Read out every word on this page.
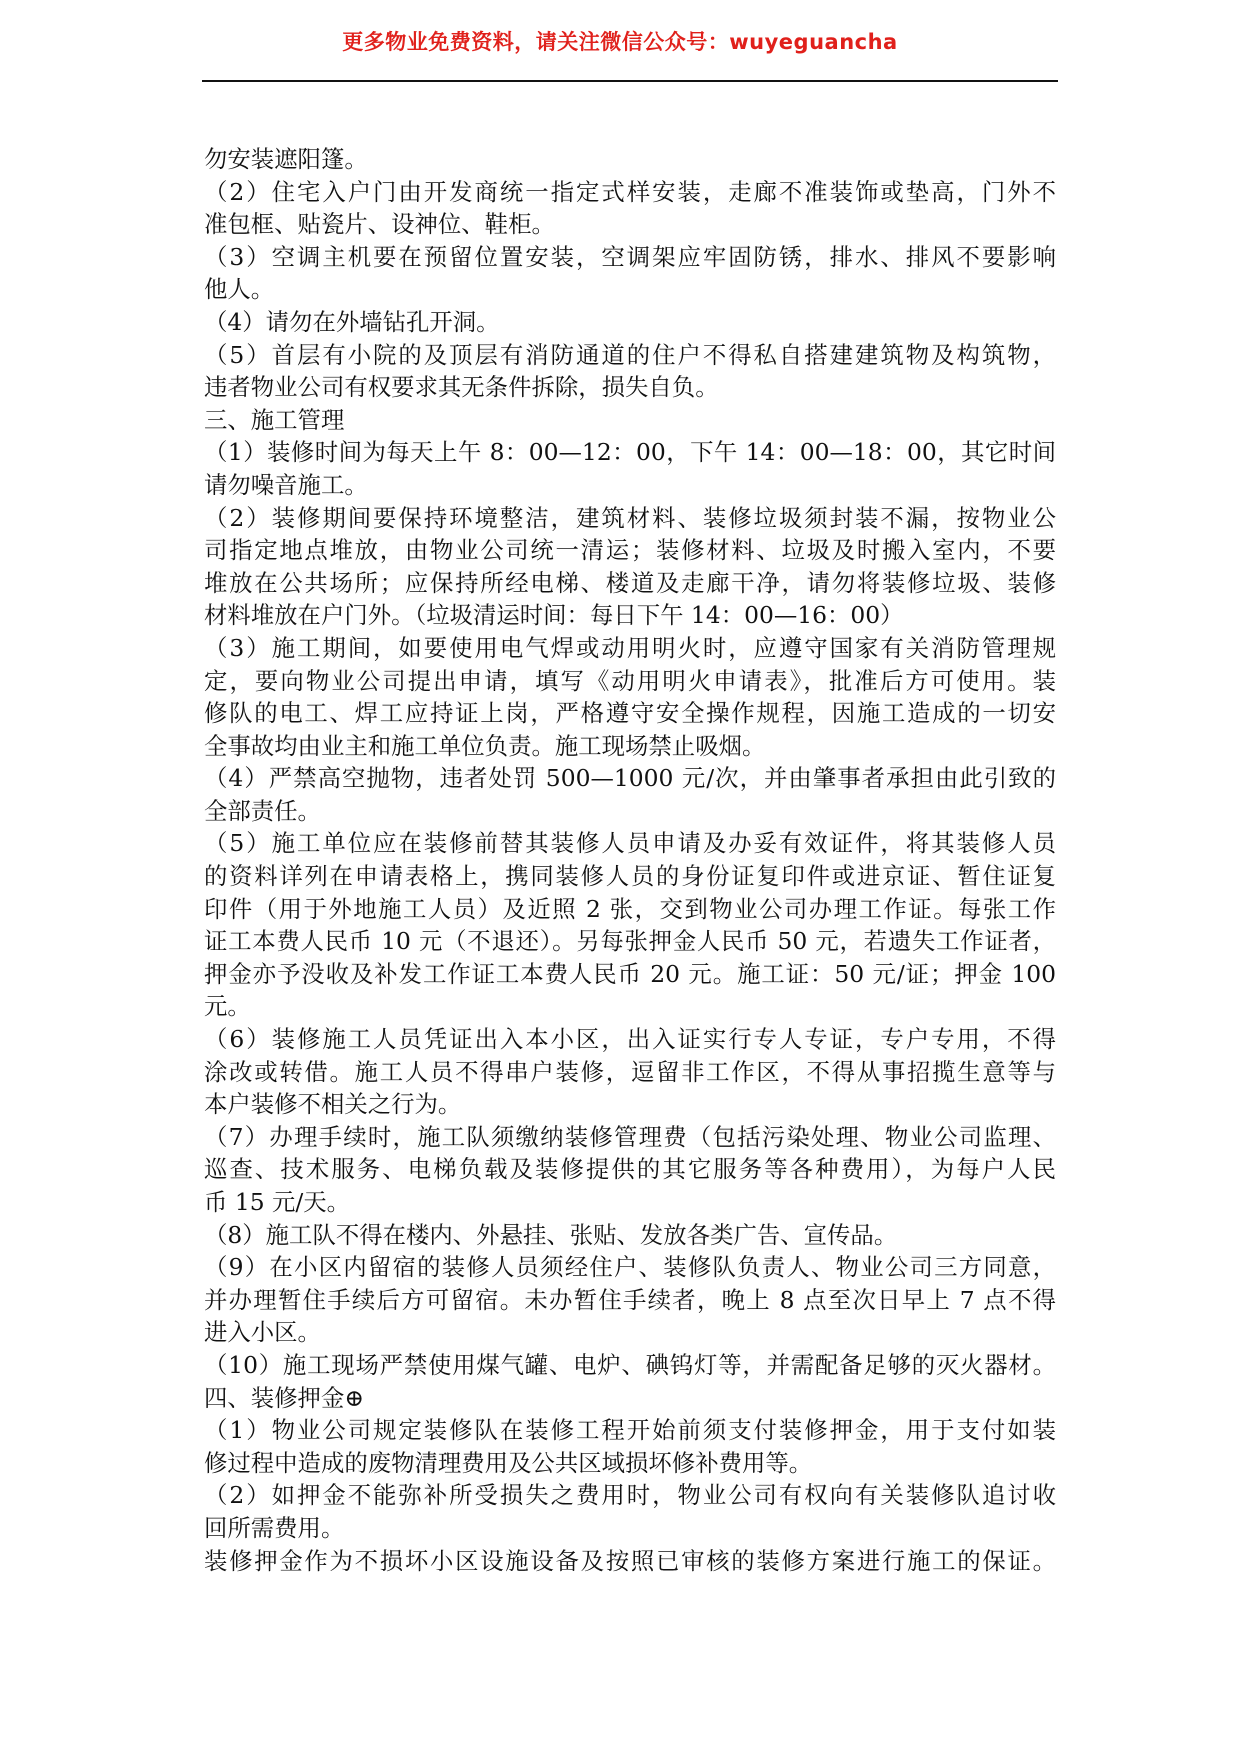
更多物业免费资料，请关注微信公众号：wuyeguancha
勿安装遮阳篷。
（2）住宅入户门由开发商统一指定式样安装，走廊不准装饰或垫高，门外不
准包框、贴瓷片、设神位、鞋柜。
（3）空调主机要在预留位置安装，空调架应牢固防锈，排水、排风不要影响
他人。
（4）请勿在外墙钻孔开洞。
（5）首层有小院的及顶层有消防通道的住户不得私自搭建建筑物及构筑物，
违者物业公司有权要求其无条件拆除，损失自负。
三、施工管理
（1）装修时间为每天上午 8：00—12：00，下午 14：00—18：00，其它时间
请勿噪音施工。
（2）装修期间要保持环境整洁，建筑材料、装修垃圾须封装不漏，按物业公
司指定地点堆放，由物业公司统一清运；装修材料、垃圾及时搬入室内，不要
堆放在公共场所；应保持所经电梯、楼道及走廊干净，请勿将装修垃圾、装修
材料堆放在户门外。（垃圾清运时间：每日下午 14：00—16：00）
（3）施工期间，如要使用电气焊或动用明火时，应遵守国家有关消防管理规
定，要向物业公司提出申请，填写《动用明火申请表》，批准后方可使用。装
修队的电工、焊工应持证上岗，严格遵守安全操作规程，因施工造成的一切安
全事故均由业主和施工单位负责。施工现场禁止吸烟。
（4）严禁高空抛物，违者处罚 500—1000 元/次，并由肇事者承担由此引致的
全部责任。
（5）施工单位应在装修前替其装修人员申请及办妥有效证件，将其装修人员
的资料详列在申请表格上，携同装修人员的身份证复印件或进京证、暂住证复
印件（用于外地施工人员）及近照 2 张，交到物业公司办理工作证。每张工作
证工本费人民币 10 元（不退还）。另每张押金人民币 50 元，若遗失工作证者，
押金亦予没收及补发工作证工本费人民币 20 元。施工证：50 元/证；押金 100
元。
（6）装修施工人员凭证出入本小区，出入证实行专人专证，专户专用，不得
涂改或转借。施工人员不得串户装修，逗留非工作区，不得从事招揽生意等与
本户装修不相关之行为。
（7）办理手续时，施工队须缴纳装修管理费（包括污染处理、物业公司监理、
巡查、技术服务、电梯负载及装修提供的其它服务等各种费用），为每户人民
币 15 元/天。
（8）施工队不得在楼内、外悬挂、张贴、发放各类广告、宣传品。
（9）在小区内留宿的装修人员须经住户、装修队负责人、物业公司三方同意，
并办理暂住手续后方可留宿。未办暂住手续者，晚上 8 点至次日早上 7 点不得
进入小区。
（10）施工现场严禁使用煤气罐、电炉、碘钨灯等，并需配备足够的灭火器材。
四、装修押金⊕
（1）物业公司规定装修队在装修工程开始前须支付装修押金，用于支付如装
修过程中造成的废物清理费用及公共区域损坏修补费用等。
（2）如押金不能弥补所受损失之费用时，物业公司有权向有关装修队追讨收
回所需费用。
装修押金作为不损坏小区设施设备及按照已审核的装修方案进行施工的保证。
